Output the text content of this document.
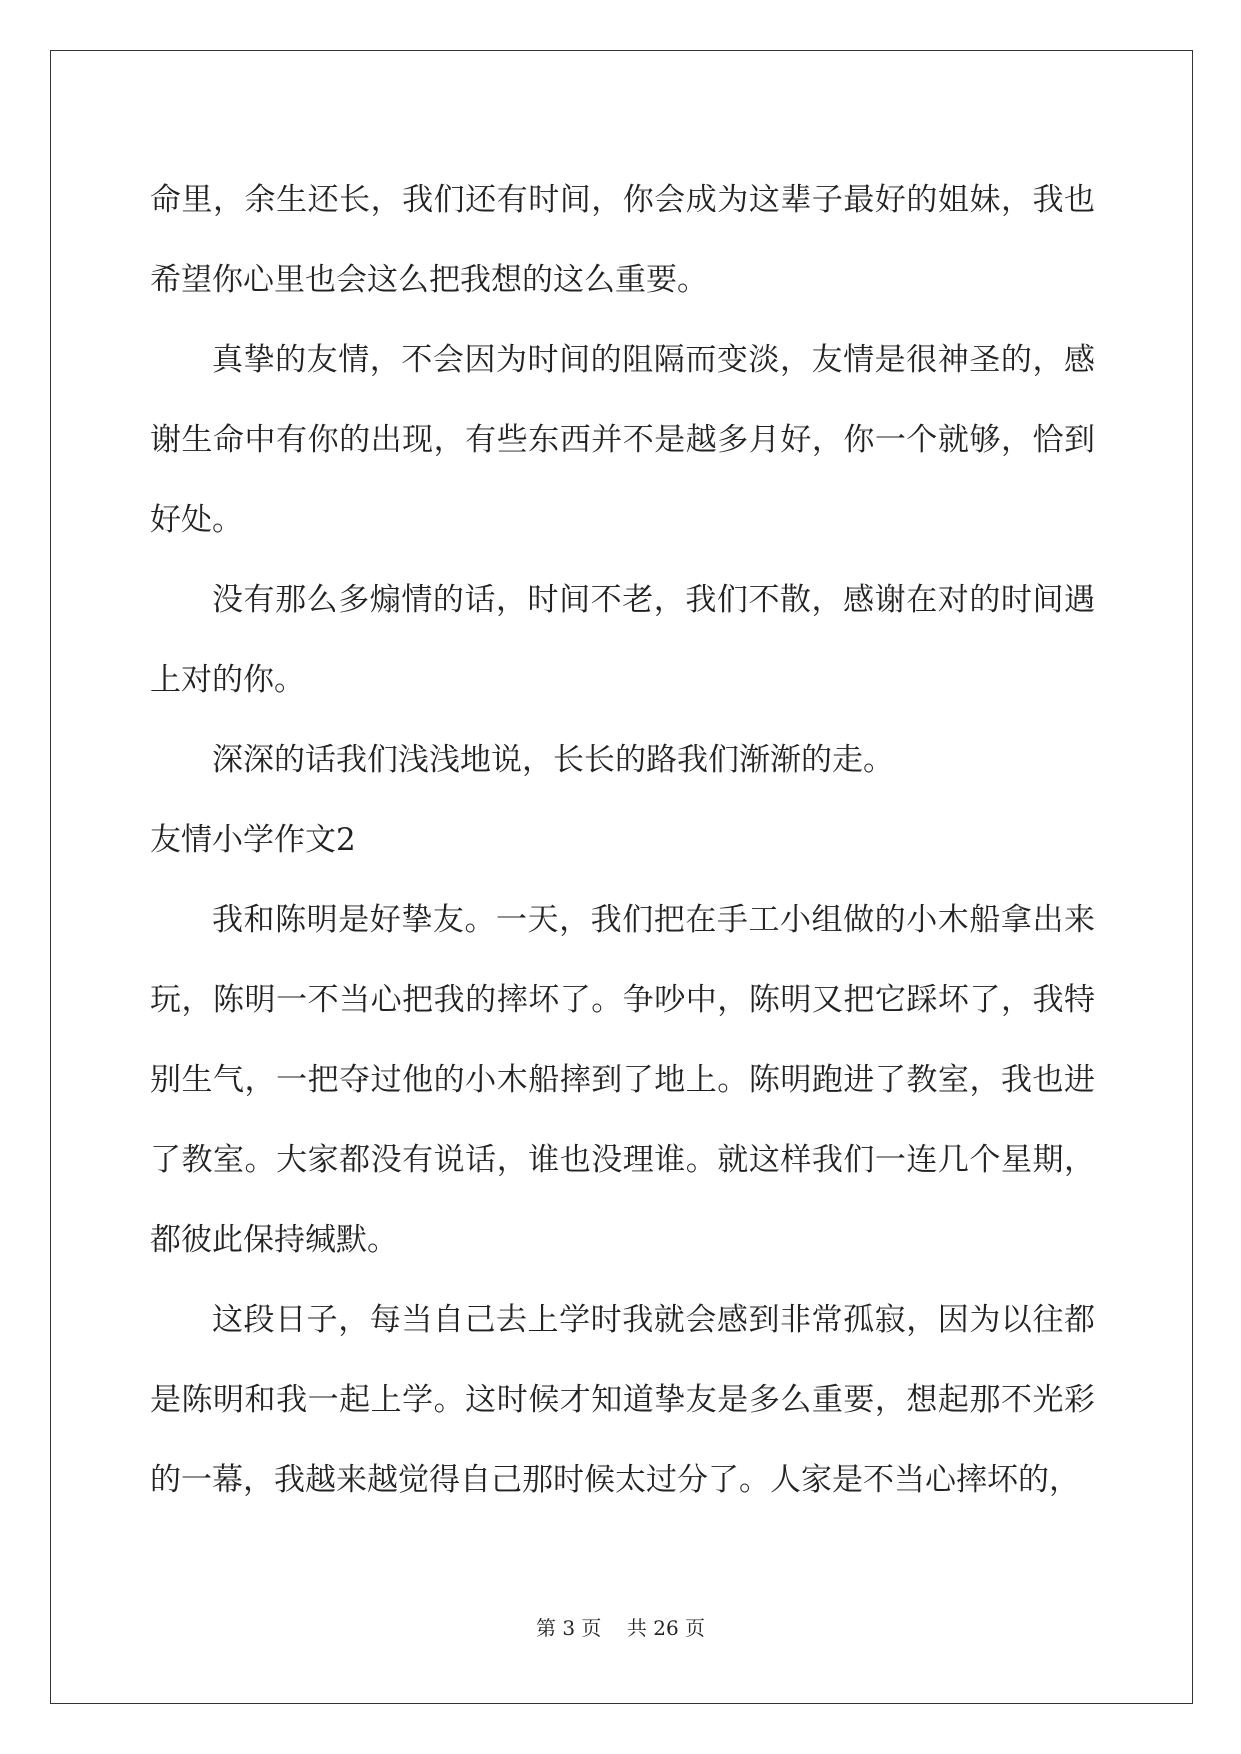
命里，余生还长，我们还有时间，你会成为这辈子最好的姐妹，我也希望你心里也会这么把我想的这么重要。

真挚的友情，不会因为时间的阻隔而变淡，友情是很神圣的，感谢生命中有你的出现，有些东西并不是越多月好，你一个就够，恰到好处。

没有那么多煽情的话，时间不老，我们不散，感谢在对的时间遇上对的你。

深深的话我们浅浅地说，长长的路我们渐渐的走。

友情小学作文2

我和陈明是好挚友。一天，我们把在手工小组做的小木船拿出来玩，陈明一不当心把我的摔坏了。争吵中，陈明又把它踩坏了，我特别生气，一把夺过他的小木船摔到了地上。陈明跑进了教室，我也进了教室。大家都没有说话，谁也没理谁。就这样我们一连几个星期，都彼此保持缄默。

这段日子，每当自己去上学时我就会感到非常孤寂，因为以往都是陈明和我一起上学。这时候才知道挚友是多么重要，想起那不光彩的一幕，我越来越觉得自己那时候太过分了。人家是不当心摔坏的，

第 3 页 共 26 页
